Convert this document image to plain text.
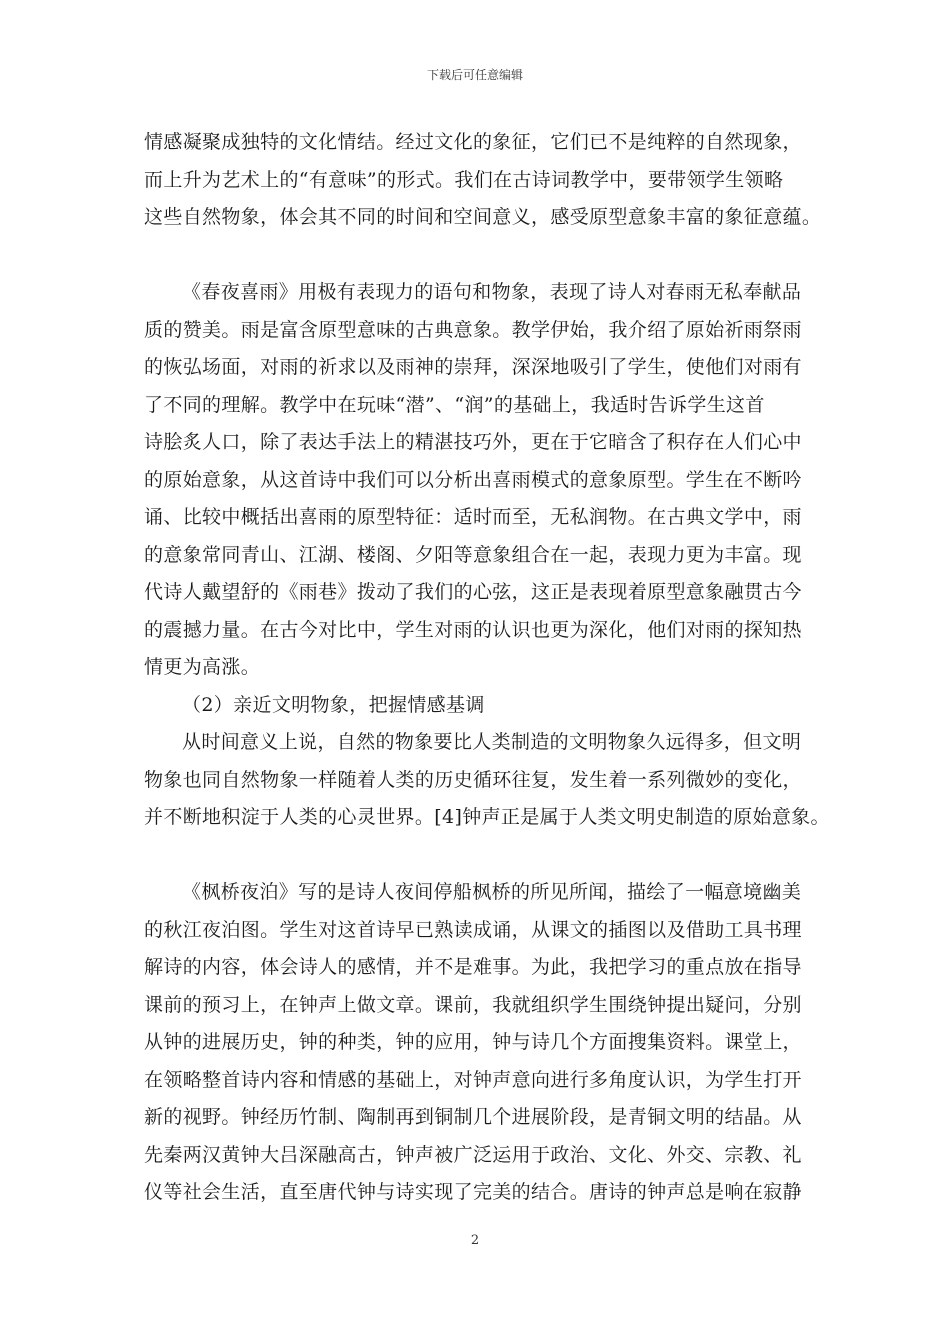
下载后可任意编辑
情感凝聚成独特的文化情结。经过文化的象征，它们已不是纯粹的自然现象，
而上升为艺术上的“有意味”的形式。我们在古诗词教学中，要带领学生领略
这些自然物象，体会其不同的时间和空间意义，感受原型意象丰富的象征意蕴。
《春夜喜雨》用极有表现力的语句和物象，表现了诗人对春雨无私奉献品
质的赞美。雨是富含原型意味的古典意象。教学伊始，我介绍了原始祈雨祭雨
的恢弘场面，对雨的祈求以及雨神的崇拜，深深地吸引了学生，使他们对雨有
了不同的理解。教学中在玩味“潜”、“润”的基础上，我适时告诉学生这首
诗脍炙人口，除了表达手法上的精湛技巧外，更在于它暗含了积存在人们心中
的原始意象，从这首诗中我们可以分析出喜雨模式的意象原型。学生在不断吟
诵、比较中概括出喜雨的原型特征：适时而至，无私润物。在古典文学中，雨
的意象常同青山、江湖、楼阁、夕阳等意象组合在一起，表现力更为丰富。现
代诗人戴望舒的《雨巷》拨动了我们的心弦，这正是表现着原型意象融贯古今
的震撼力量。在古今对比中，学生对雨的认识也更为深化，他们对雨的探知热
情更为高涨。
（2）亲近文明物象，把握情感基调
从时间意义上说，自然的物象要比人类制造的文明物象久远得多，但文明
物象也同自然物象一样随着人类的历史循环往复，发生着一系列微妙的变化，
并不断地积淀于人类的心灵世界。[4]钟声正是属于人类文明史制造的原始意象。
《枫桥夜泊》写的是诗人夜间停船枫桥的所见所闻，描绘了一幅意境幽美
的秋江夜泊图。学生对这首诗早已熟读成诵，从课文的插图以及借助工具书理
解诗的内容，体会诗人的感情，并不是难事。为此，我把学习的重点放在指导
课前的预习上，在钟声上做文章。课前，我就组织学生围绕钟提出疑问，分别
从钟的进展历史，钟的种类，钟的应用，钟与诗几个方面搜集资料。课堂上，
在领略整首诗内容和情感的基础上，对钟声意向进行多角度认识，为学生打开
新的视野。钟经历竹制、陶制再到铜制几个进展阶段，是青铜文明的结晶。从
先秦两汉黄钟大吕深融高古，钟声被广泛运用于政治、文化、外交、宗教、礼
仪等社会生活，直至唐代钟与诗实现了完美的结合。唐诗的钟声总是响在寂静
2
